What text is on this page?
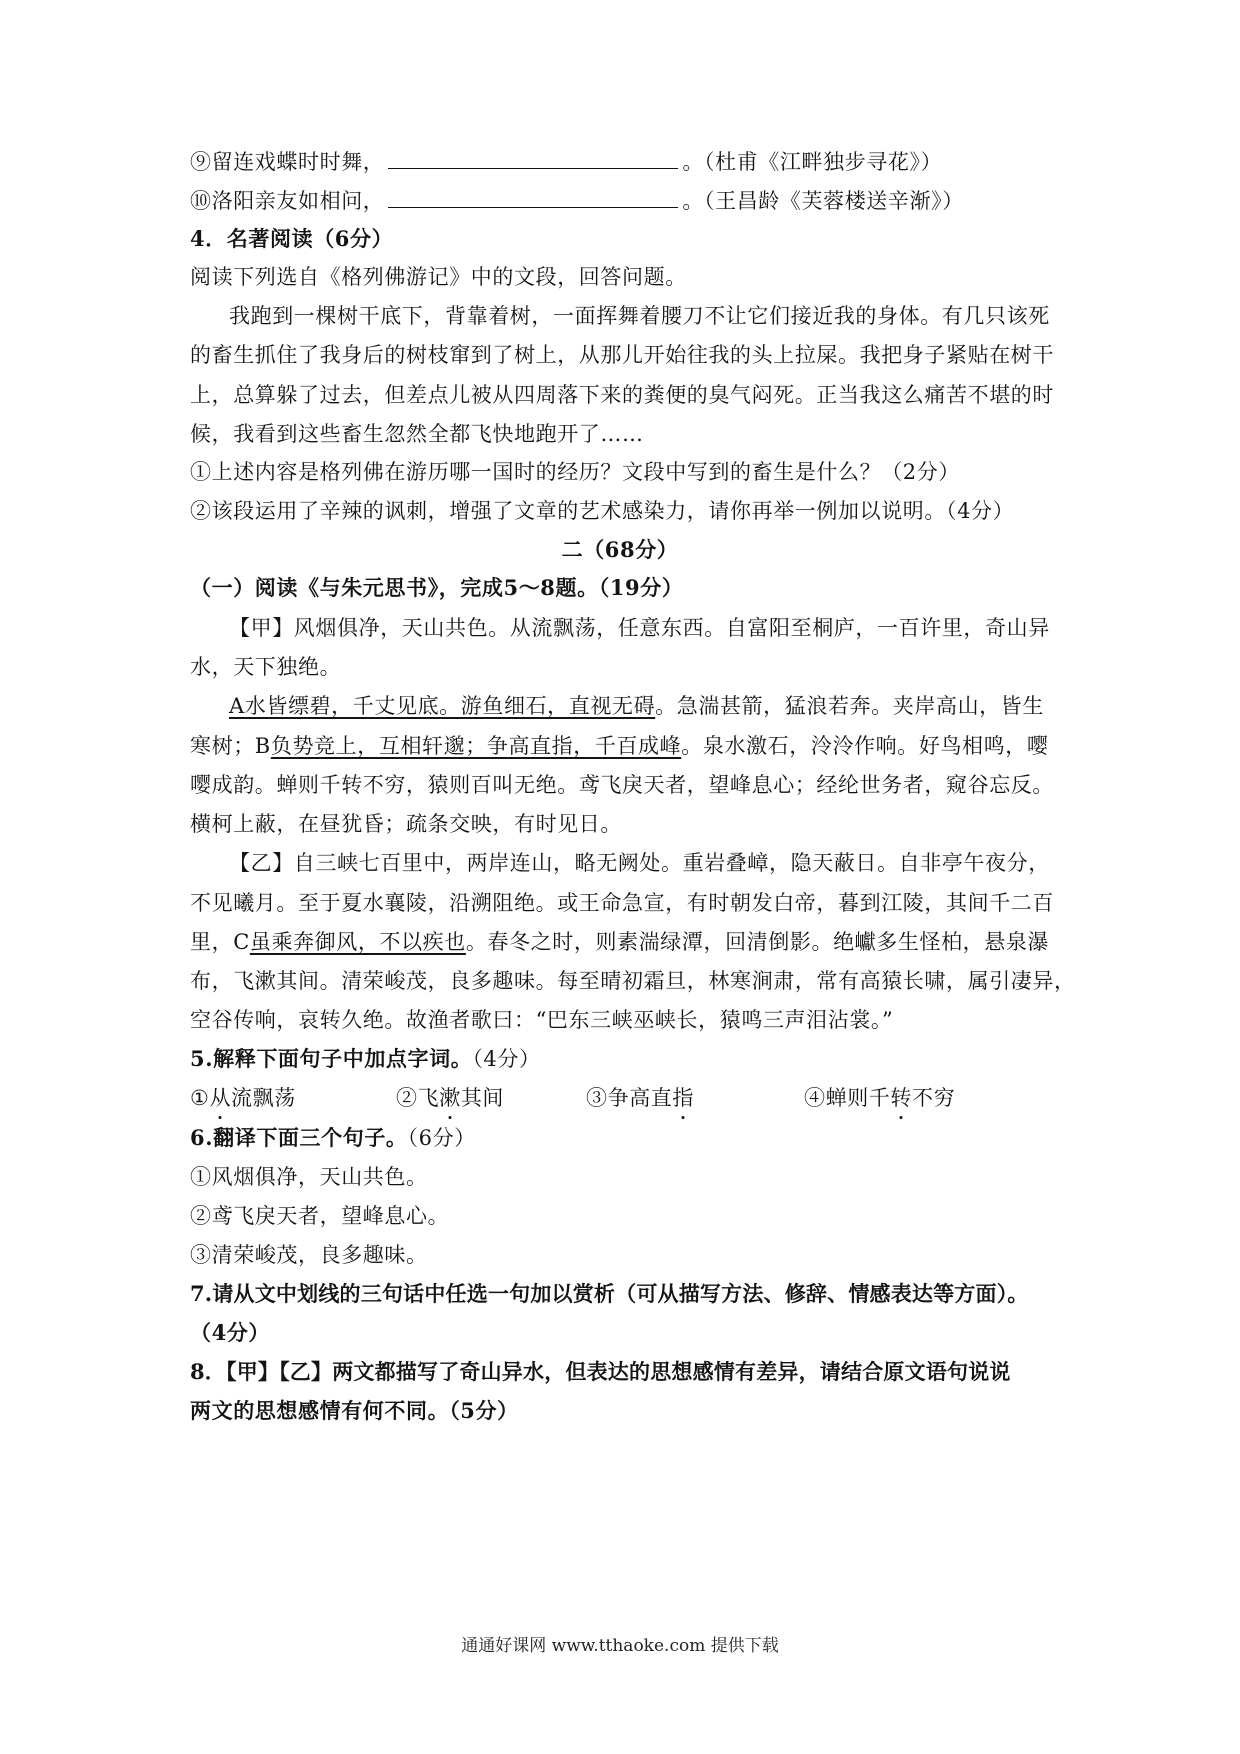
⑨留连戏蝶时时舞，	。（杜甫《江畔独步寻花》）
⑩洛阳亲友如相问，	。（王昌龄《芙蓉楼送辛渐》）
4．名著阅读（6分）
阅读下列选自《格列佛游记》中的文段，回答问题。
我跑到一棵树干底下，背靠着树，一面挥舞着腰刀不让它们接近我的身体。有几只该死
的畜生抓住了我身后的树枝窜到了树上，从那儿开始往我的头上拉屎。我把身子紧贴在树干
上，总算躲了过去，但差点儿被从四周落下来的粪便的臭气闷死。正当我这么痛苦不堪的时
候，我看到这些畜生忽然全都飞快地跑开了……
①上述内容是格列佛在游历哪一国时的经历？文段中写到的畜生是什么？（2分）
②该段运用了辛辣的讽刺，增强了文章的艺术感染力，请你再举一例加以说明。（4分）
二（68分）
（一）阅读《与朱元思书》，完成5～8题。（19分）
【甲】风烟俱净，天山共色。从流飘荡，任意东西。自富阳至桐庐，一百许里，奇山异
水，天下独绝。
A水皆缥碧，千丈见底。游鱼细石，直视无碍。急湍甚箭，猛浪若奔。夹岸高山，皆生
寒树；B负势竞上，互相轩邈；争高直指，千百成峰。泉水激石，泠泠作响。好鸟相鸣，嘤
嘤成韵。蝉则千转不穷，猿则百叫无绝。鸢飞戾天者，望峰息心；经纶世务者，窥谷忘反。
横柯上蔽，在昼犹昏；疏条交映，有时见日。
【乙】自三峡七百里中，两岸连山，略无阙处。重岩叠嶂，隐天蔽日。自非亭午夜分，
不见曦月。至于夏水襄陵，沿溯阻绝。或王命急宣，有时朝发白帝，暮到江陵，其间千二百
里，C虽乘奔御风，不以疾也。春冬之时，则素湍绿潭，回清倒影。绝巘多生怪柏，悬泉瀑
布，飞漱其间。清荣峻茂，良多趣味。每至晴初霜旦，林寒涧肃，常有高猿长啸，属引凄异，
空谷传响，哀转久绝。故渔者歌曰：“巴东三峡巫峡长，猿鸣三声泪沾裳。”
5.解释下面句子中加点字词。（4分）
①从流飘荡	②飞漱其间	③争高直指	④蝉则千转不穷
6.翻译下面三个句子。（6分）
①风烟俱净，天山共色。
②鸢飞戾天者，望峰息心。
③清荣峻茂，良多趣味。
7.请从文中划线的三句话中任选一句加以赏析（可从描写方法、修辞、情感表达等方面）。
（4分）
8．【甲】【乙】两文都描写了奇山异水，但表达的思想感情有差异，请结合原文语句说说
两文的思想感情有何不同。（5分）
通通好课网 www.tthaoke.com 提供下载
